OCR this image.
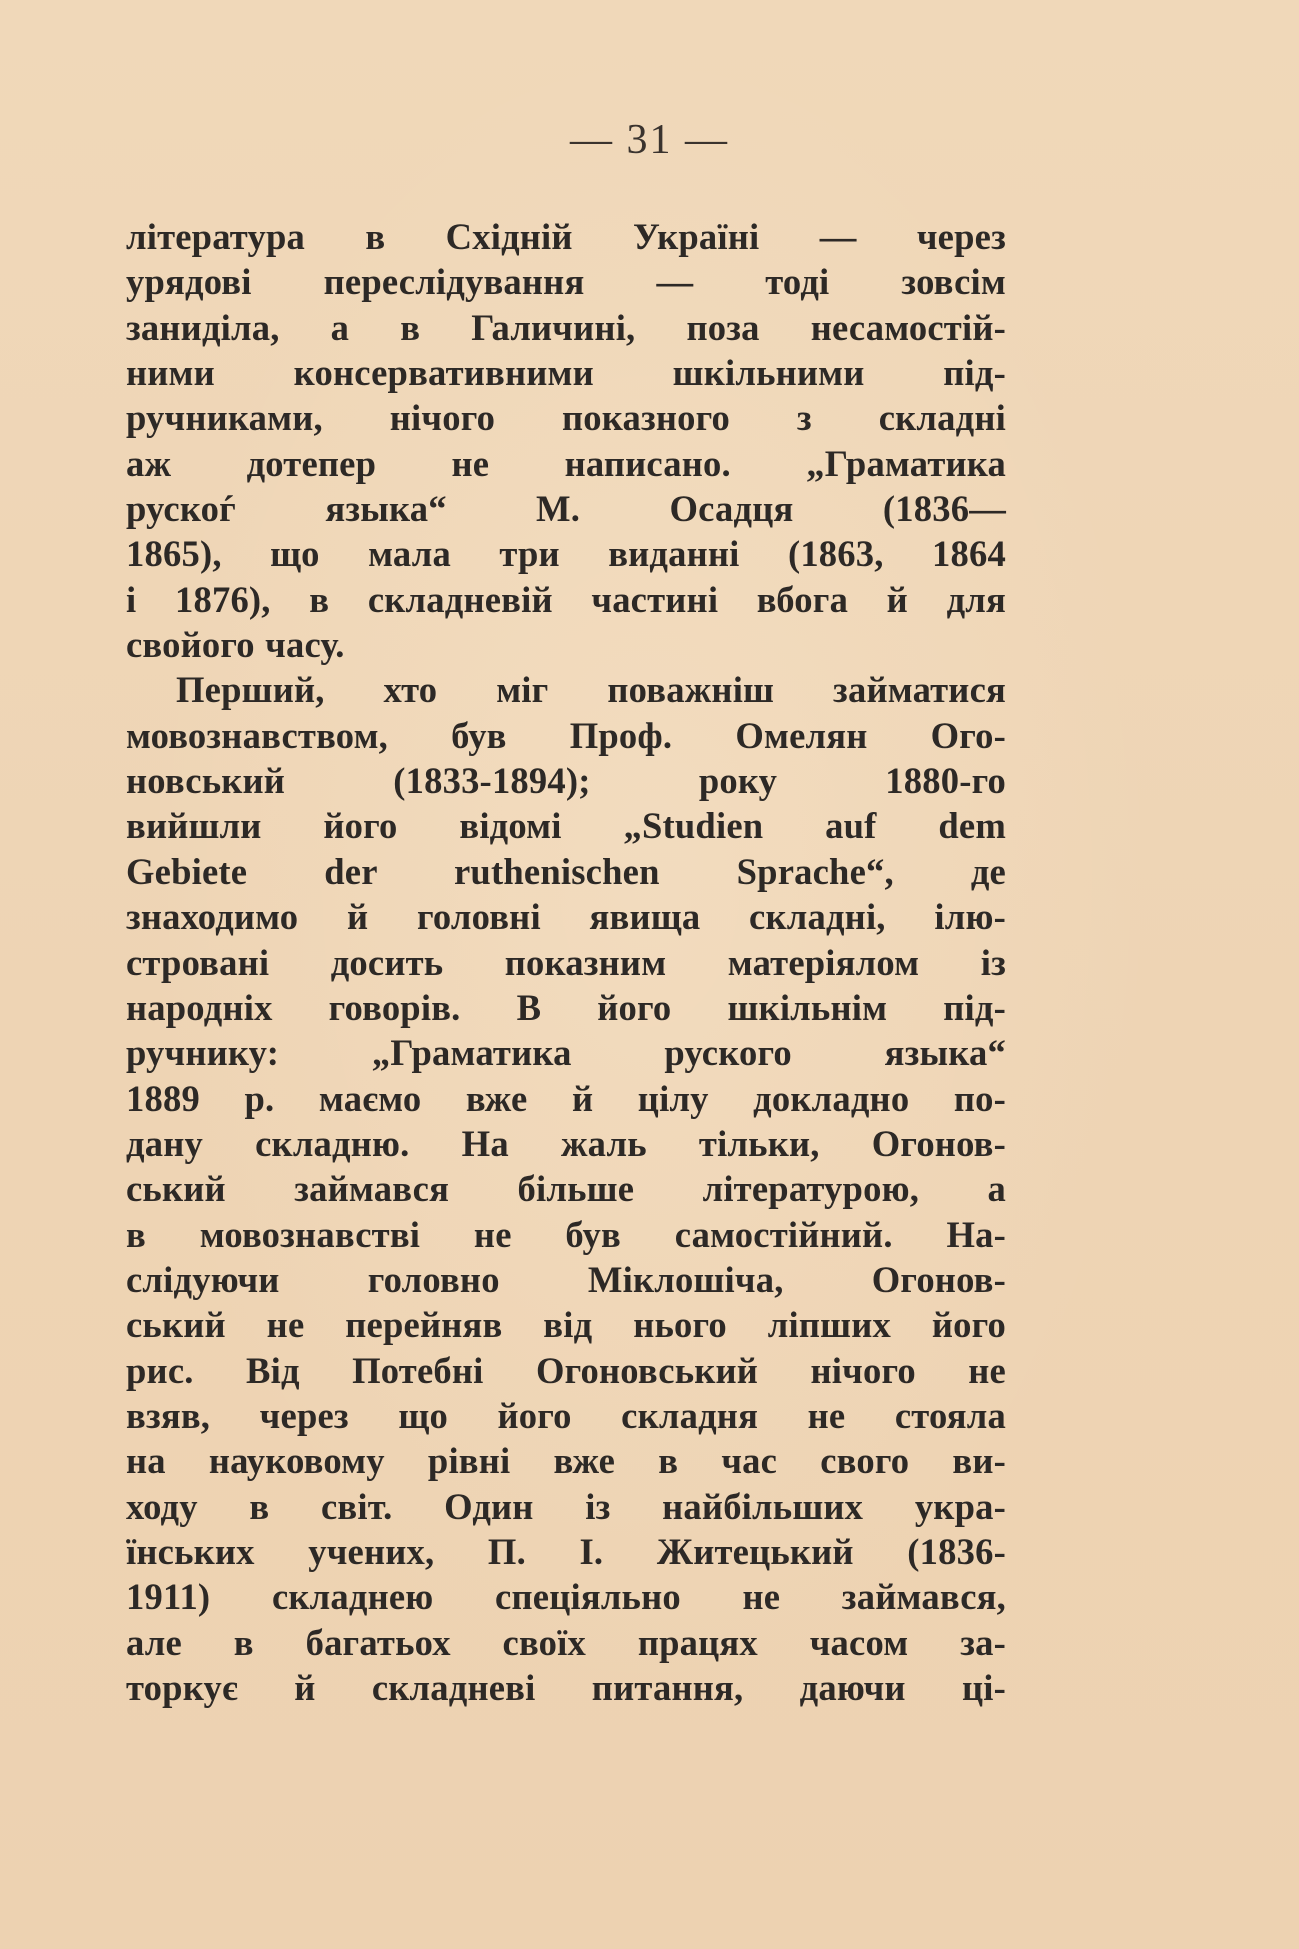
— 31 —
література в Східній Україні — через
урядові переслідування — тоді зовсім
заниділа, а в Галичині, поза несамостій-
ними консервативними шкільними під-
ручниками, нічого показного з складні
аж дотепер не написано. „Граматика
рускоѓ языка“ М. Осадця (1836—
1865), що мала три виданні (1863, 1864
і 1876), в складневій частині вбога й для
свойого часу.
Перший, хто міг поважніш займатися
мовознавством, був Проф. Омелян Ого-
новський (1833-1894); року 1880-го
вийшли його відомі „Studien auf dem
Gebiete der ruthenischen Sprache“, де
знаходимо й головні явища складні, ілю-
стровані досить показним матеріялом із
народніх говорів. В його шкільнім під-
ручнику: „Граматика руского языка“
1889 р. маємо вже й цілу докладно по-
дану складню. На жаль тільки, Огонов-
ський займався більше літературою, а
в мовознавстві не був самостійний. На-
слідуючи головно Міклошіча, Огонов-
ський не перейняв від нього ліпших його
рис. Від Потебні Огоновський нічого не
взяв, через що його складня не стояла
на науковому рівні вже в час свого ви-
ходу в світ. Один із найбільших укра-
їнських учених, П. І. Житецький (1836-
1911) складнею спеціяльно не займався,
але в багатьох своїх працях часом за-
торкує й складневі питання, даючи ці-
